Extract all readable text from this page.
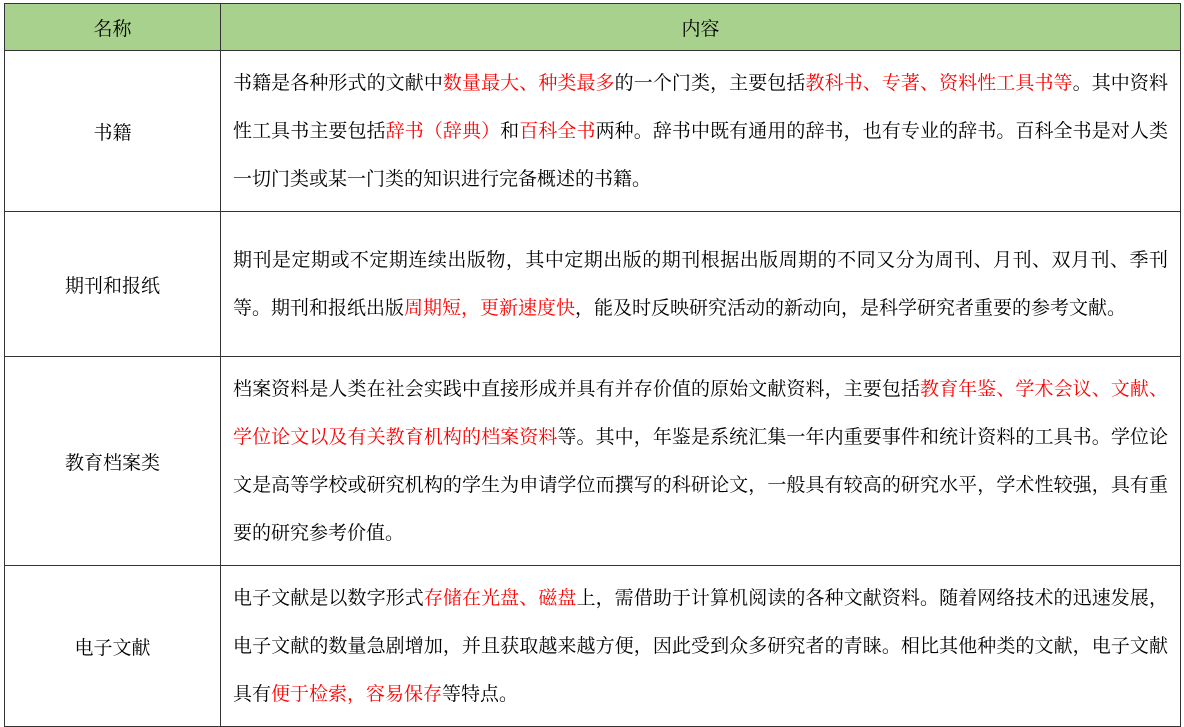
名称	内容
书籍	书籍是各种形式的文献中数量最大、种类最多的一个门类，主要包括教科书、专著、资料性工具书等。其中资料性工具书主要包括辞书（辞典）和百科全书两种。辞书中既有通用的辞书，也有专业的辞书。百科全书是对人类一切门类或某一门类的知识进行完备概述的书籍。
期刊和报纸	期刊是定期或不定期连续出版物，其中定期出版的期刊根据出版周期的不同又分为周刊、月刊、双月刊、季刊等。期刊和报纸出版周期短，更新速度快，能及时反映研究活动的新动向，是科学研究者重要的参考文献。
教育档案类	档案资料是人类在社会实践中直接形成并具有并存价值的原始文献资料，主要包括教育年鉴、学术会议、文献、学位论文以及有关教育机构的档案资料等。其中，年鉴是系统汇集一年内重要事件和统计资料的工具书。学位论文是高等学校或研究机构的学生为申请学位而撰写的科研论文，一般具有较高的研究水平，学术性较强，具有重要的研究参考价值。
电子文献	电子文献是以数字形式存储在光盘、磁盘上，需借助于计算机阅读的各种文献资料。随着网络技术的迅速发展，电子文献的数量急剧增加，并且获取越来越方便，因此受到众多研究者的青睐。相比其他种类的文献，电子文献具有便于检索，容易保存等特点。
